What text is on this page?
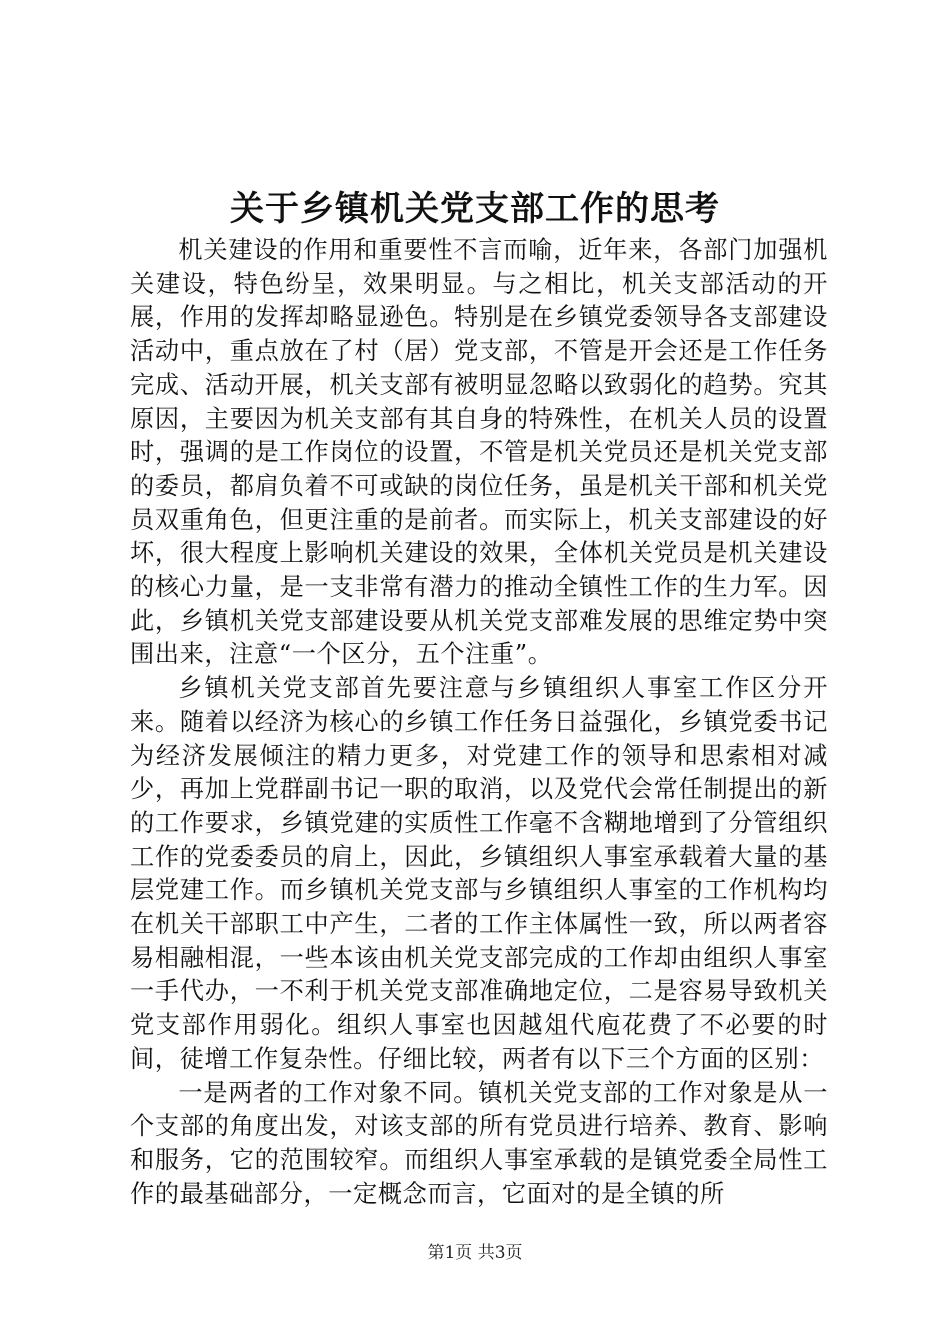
关于乡镇机关党支部工作的思考

机关建设的作用和重要性不言而喻，近年来，各部门加强机关建设，特色纷呈，效果明显。与之相比，机关支部活动的开展，作用的发挥却略显逊色。特别是在乡镇党委领导各支部建设活动中，重点放在了村（居）党支部，不管是开会还是工作任务完成、活动开展，机关支部有被明显忽略以致弱化的趋势。究其原因，主要因为机关支部有其自身的特殊性，在机关人员的设置时，强调的是工作岗位的设置，不管是机关党员还是机关党支部的委员，都肩负着不可或缺的岗位任务，虽是机关干部和机关党员双重角色，但更注重的是前者。而实际上，机关支部建设的好坏，很大程度上影响机关建设的效果，全体机关党员是机关建设的核心力量，是一支非常有潜力的推动全镇性工作的生力军。因此，乡镇机关党支部建设要从机关党支部难发展的思维定势中突围出来，注意“一个区分，五个注重”。

乡镇机关党支部首先要注意与乡镇组织人事室工作区分开来。随着以经济为核心的乡镇工作任务日益强化，乡镇党委书记为经济发展倾注的精力更多，对党建工作的领导和思索相对减少，再加上党群副书记一职的取消，以及党代会常任制提出的新的工作要求，乡镇党建的实质性工作毫不含糊地增到了分管组织工作的党委委员的肩上，因此，乡镇组织人事室承载着大量的基层党建工作。而乡镇机关党支部与乡镇组织人事室的工作机构均在机关干部职工中产生，二者的工作主体属性一致，所以两者容易相融相混，一些本该由机关党支部完成的工作却由组织人事室一手代办，一不利于机关党支部准确地定位，二是容易导致机关党支部作用弱化。组织人事室也因越俎代庖花费了不必要的时间，徒增工作复杂性。仔细比较，两者有以下三个方面的区别：

一是两者的工作对象不同。镇机关党支部的工作对象是从一个支部的角度出发，对该支部的所有党员进行培养、教育、影响和服务，它的范围较窄。而组织人事室承载的是镇党委全局性工作的最基础部分，一定概念而言，它面对的是全镇的所

第1页 共3页
